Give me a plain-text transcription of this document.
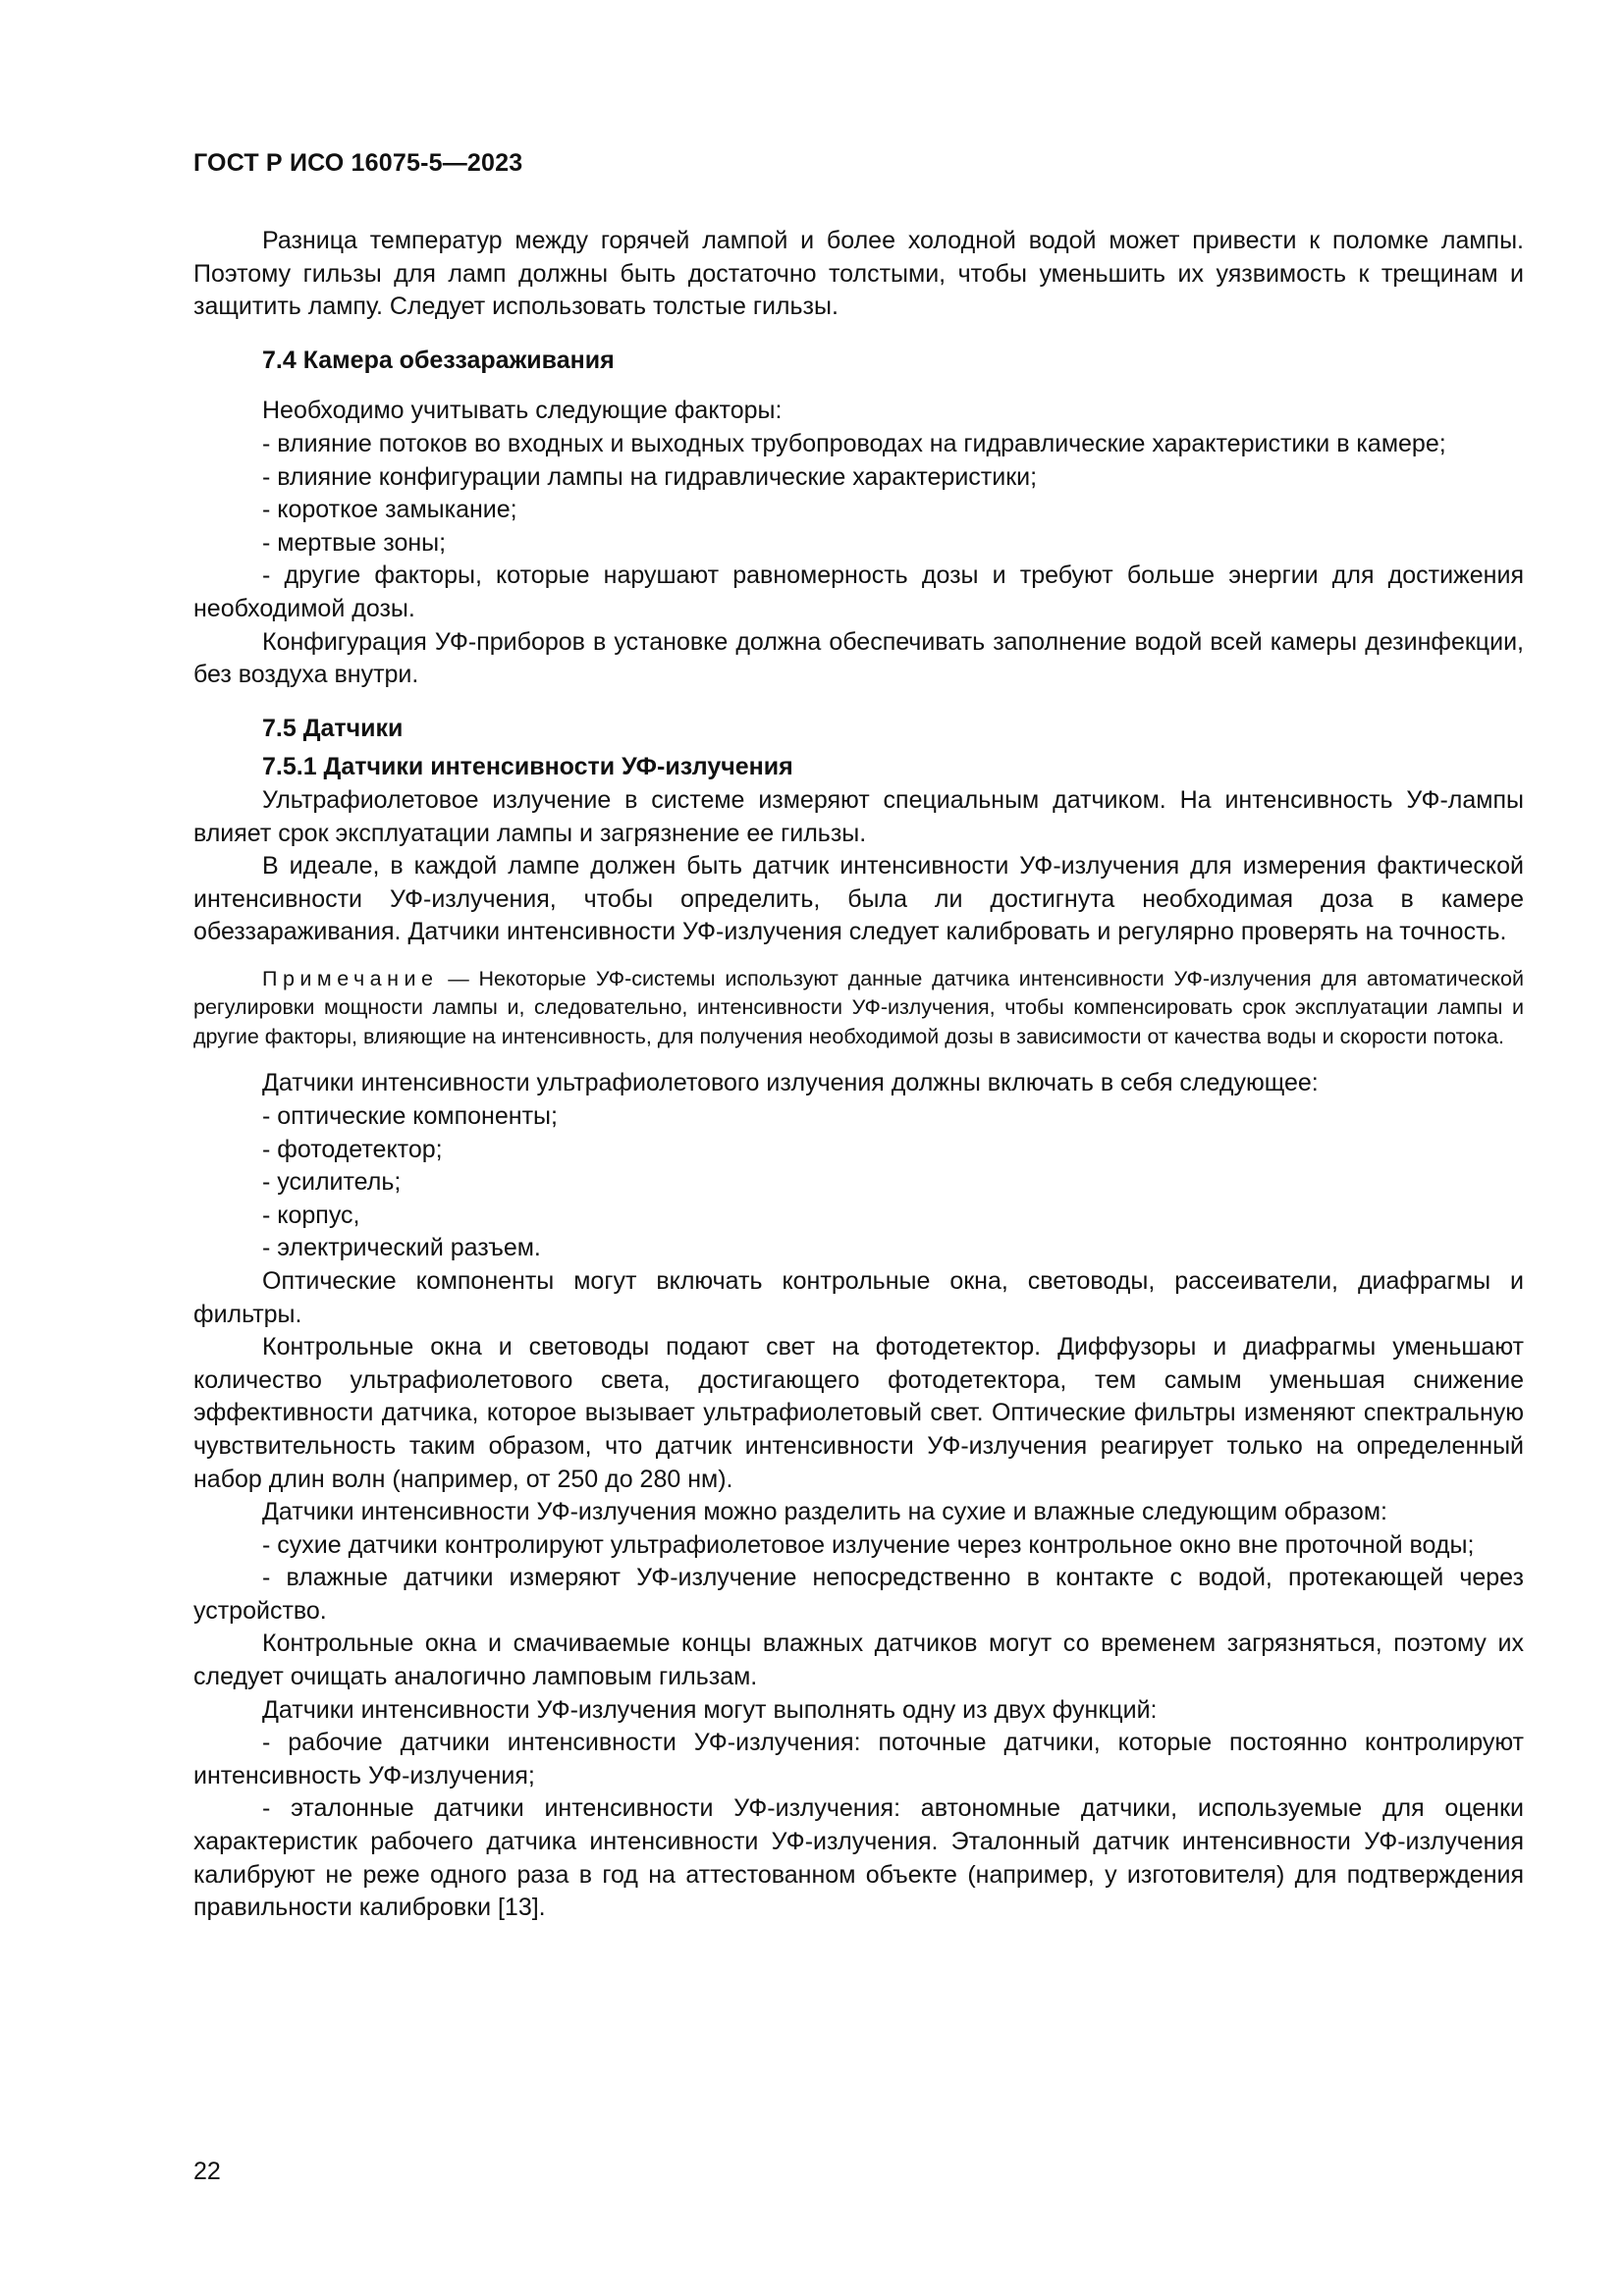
ГОСТ Р ИСО 16075-5—2023

Разница температур между горячей лампой и более холодной водой может привести к поломке лампы. Поэтому гильзы для ламп должны быть достаточно толстыми, чтобы уменьшить их уязвимость к трещинам и защитить лампу. Следует использовать толстые гильзы.

7.4 Камера обеззараживания

Необходимо учитывать следующие факторы:

- влияние потоков во входных и выходных трубопроводах на гидравлические характеристики в камере;

- влияние конфигурации лампы на гидравлические характеристики;

- короткое замыкание;

- мертвые зоны;

- другие факторы, которые нарушают равномерность дозы и требуют больше энергии для достижения необходимой дозы.

Конфигурация УФ-приборов в установке должна обеспечивать заполнение водой всей камеры дезинфекции, без воздуха внутри.

7.5 Датчики

7.5.1 Датчики интенсивности УФ-излучения

Ультрафиолетовое излучение в системе измеряют специальным датчиком. На интенсивность УФ-лампы влияет срок эксплуатации лампы и загрязнение ее гильзы.

В идеале, в каждой лампе должен быть датчик интенсивности УФ-излучения для измерения фактической интенсивности УФ-излучения, чтобы определить, была ли достигнута необходимая доза в камере обеззараживания. Датчики интенсивности УФ-излучения следует калибровать и регулярно проверять на точность.

Примечание — Некоторые УФ-системы используют данные датчика интенсивности УФ-излучения для автоматической регулировки мощности лампы и, следовательно, интенсивности УФ-излучения, чтобы компенсировать срок эксплуатации лампы и другие факторы, влияющие на интенсивность, для получения необходимой дозы в зависимости от качества воды и скорости потока.

Датчики интенсивности ультрафиолетового излучения должны включать в себя следующее:

- оптические компоненты;

- фотодетектор;

- усилитель;

- корпус,

- электрический разъем.

Оптические компоненты могут включать контрольные окна, световоды, рассеиватели, диафрагмы и фильтры.

Контрольные окна и световоды подают свет на фотодетектор. Диффузоры и диафрагмы уменьшают количество ультрафиолетового света, достигающего фотодетектора, тем самым уменьшая снижение эффективности датчика, которое вызывает ультрафиолетовый свет. Оптические фильтры изменяют спектральную чувствительность таким образом, что датчик интенсивности УФ-излучения реагирует только на определенный набор длин волн (например, от 250 до 280 нм).

Датчики интенсивности УФ-излучения можно разделить на сухие и влажные следующим образом:

- сухие датчики контролируют ультрафиолетовое излучение через контрольное окно вне проточной воды;

- влажные датчики измеряют УФ-излучение непосредственно в контакте с водой, протекающей через устройство.

Контрольные окна и смачиваемые концы влажных датчиков могут со временем загрязняться, поэтому их следует очищать аналогично ламповым гильзам.

Датчики интенсивности УФ-излучения могут выполнять одну из двух функций:

- рабочие датчики интенсивности УФ-излучения: поточные датчики, которые постоянно контролируют интенсивность УФ-излучения;

- эталонные датчики интенсивности УФ-излучения: автономные датчики, используемые для оценки характеристик рабочего датчика интенсивности УФ-излучения. Эталонный датчик интенсивности УФ-излучения калибруют не реже одного раза в год на аттестованном объекте (например, у изготовителя) для подтверждения правильности калибровки [13].

22
